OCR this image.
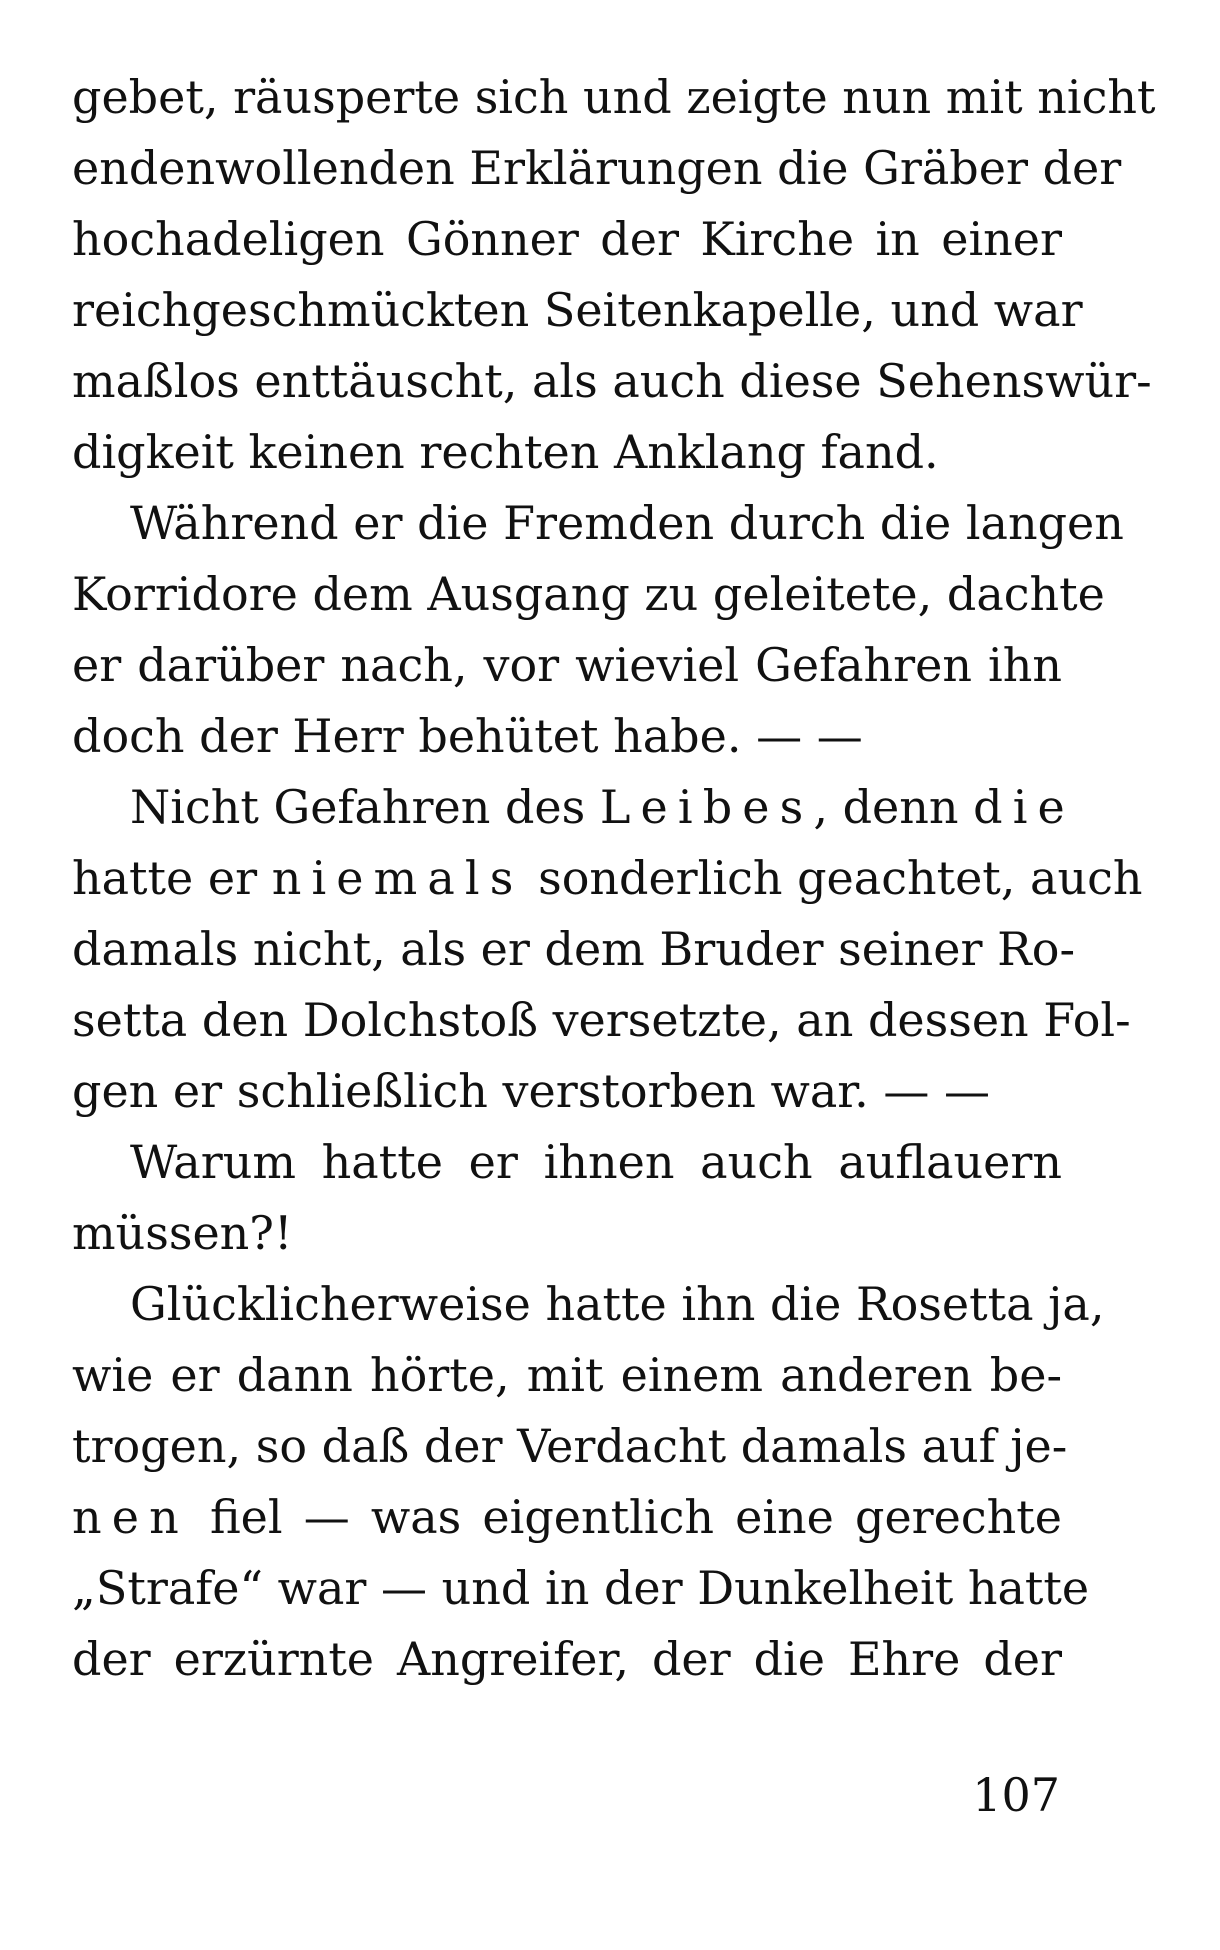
gebet, räusperte sich und zeigte nun mit nicht
endenwollenden Erklärungen die Gräber der
hochadeligen Gönner der Kirche in einer
reichgeschmückten Seitenkapelle, und war
maßlos enttäuscht, als auch diese Sehenswür-
digkeit keinen rechten Anklang fand.
Während er die Fremden durch die langen
Korridore dem Ausgang zu geleitete, dachte
er darüber nach, vor wieviel Gefahren ihn
doch der Herr behütet habe. — —
Nicht Gefahren des Leibes, denn die
hatte er niemals sonderlich geachtet, auch
damals nicht, als er dem Bruder seiner Ro-
setta den Dolchstoß versetzte, an dessen Fol-
gen er schließlich verstorben war. — —
Warum hatte er ihnen auch auflauern
müssen?!
Glücklicherweise hatte ihn die Rosetta ja,
wie er dann hörte, mit einem anderen be-
trogen, so daß der Verdacht damals auf je-
nen fiel — was eigentlich eine gerechte
„Strafe“ war — und in der Dunkelheit hatte
der erzürnte Angreifer, der die Ehre der
107
